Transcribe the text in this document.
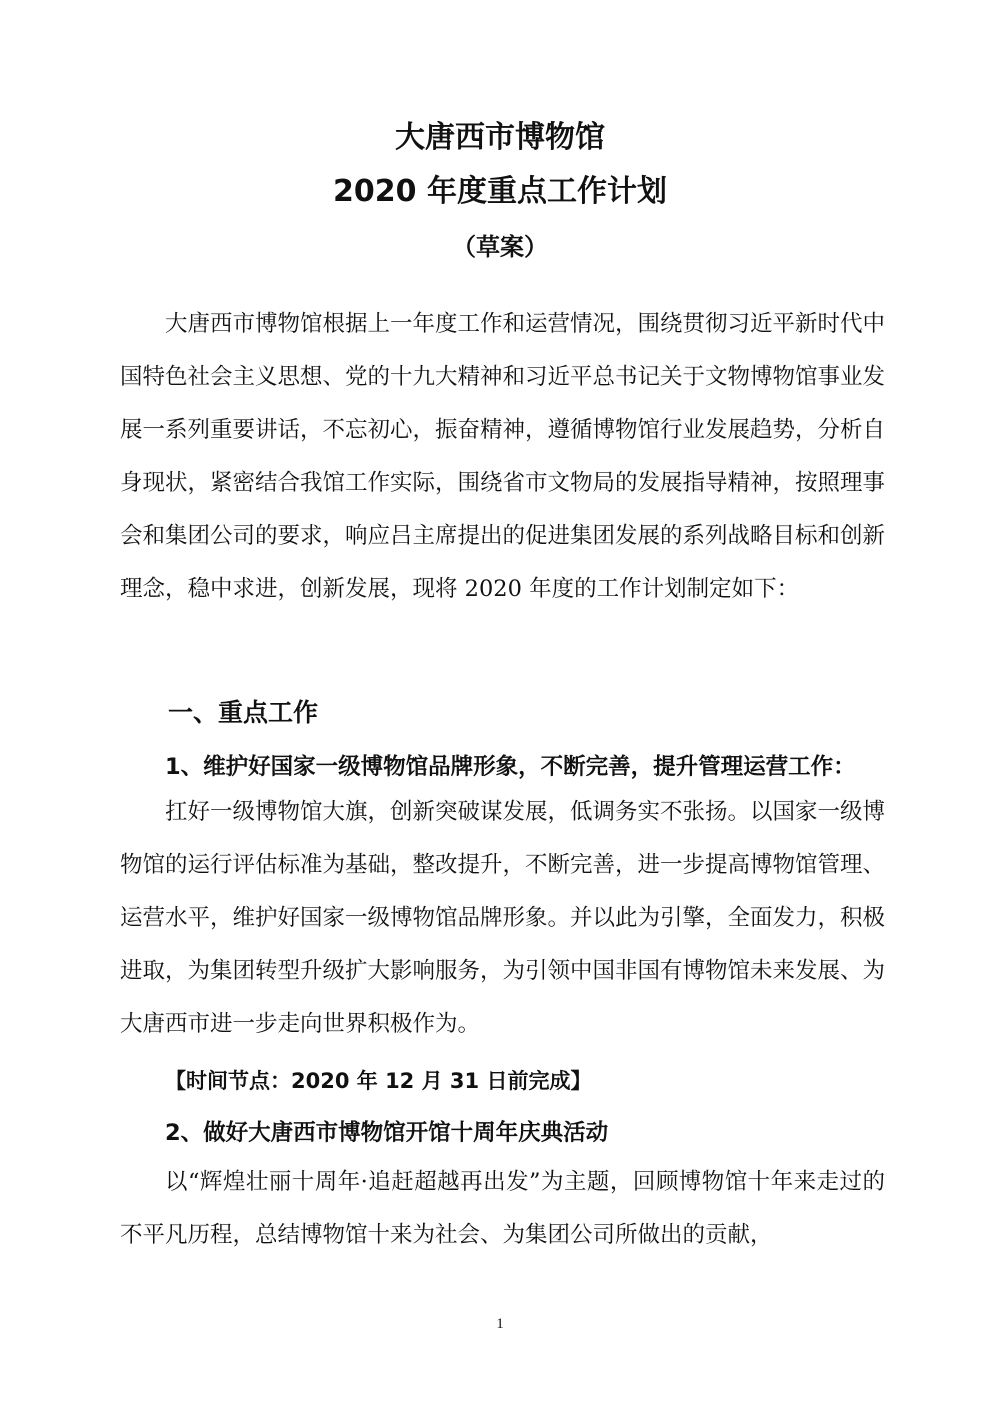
大唐西市博物馆
2020 年度重点工作计划
（草案）
大唐西市博物馆根据上一年度工作和运营情况，围绕贯彻习近平新时代中国特色社会主义思想、党的十九大精神和习近平总书记关于文物博物馆事业发展一系列重要讲话，不忘初心，振奋精神，遵循博物馆行业发展趋势，分析自身现状，紧密结合我馆工作实际，围绕省市文物局的发展指导精神，按照理事会和集团公司的要求，响应吕主席提出的促进集团发展的系列战略目标和创新理念，稳中求进，创新发展，现将 2020 年度的工作计划制定如下：
一、重点工作
1、维护好国家一级博物馆品牌形象，不断完善，提升管理运营工作：
扛好一级博物馆大旗，创新突破谋发展，低调务实不张扬。以国家一级博物馆的运行评估标准为基础，整改提升，不断完善，进一步提高博物馆管理、运营水平，维护好国家一级博物馆品牌形象。并以此为引擎，全面发力，积极进取，为集团转型升级扩大影响服务，为引领中国非国有博物馆未来发展、为大唐西市进一步走向世界积极作为。
【时间节点：2020 年 12 月 31 日前完成】
2、做好大唐西市博物馆开馆十周年庆典活动
以“辉煌壮丽十周年·追赶超越再出发”为主题，回顾博物馆十年来走过的不平凡历程，总结博物馆十来为社会、为集团公司所做出的贡献，
1
